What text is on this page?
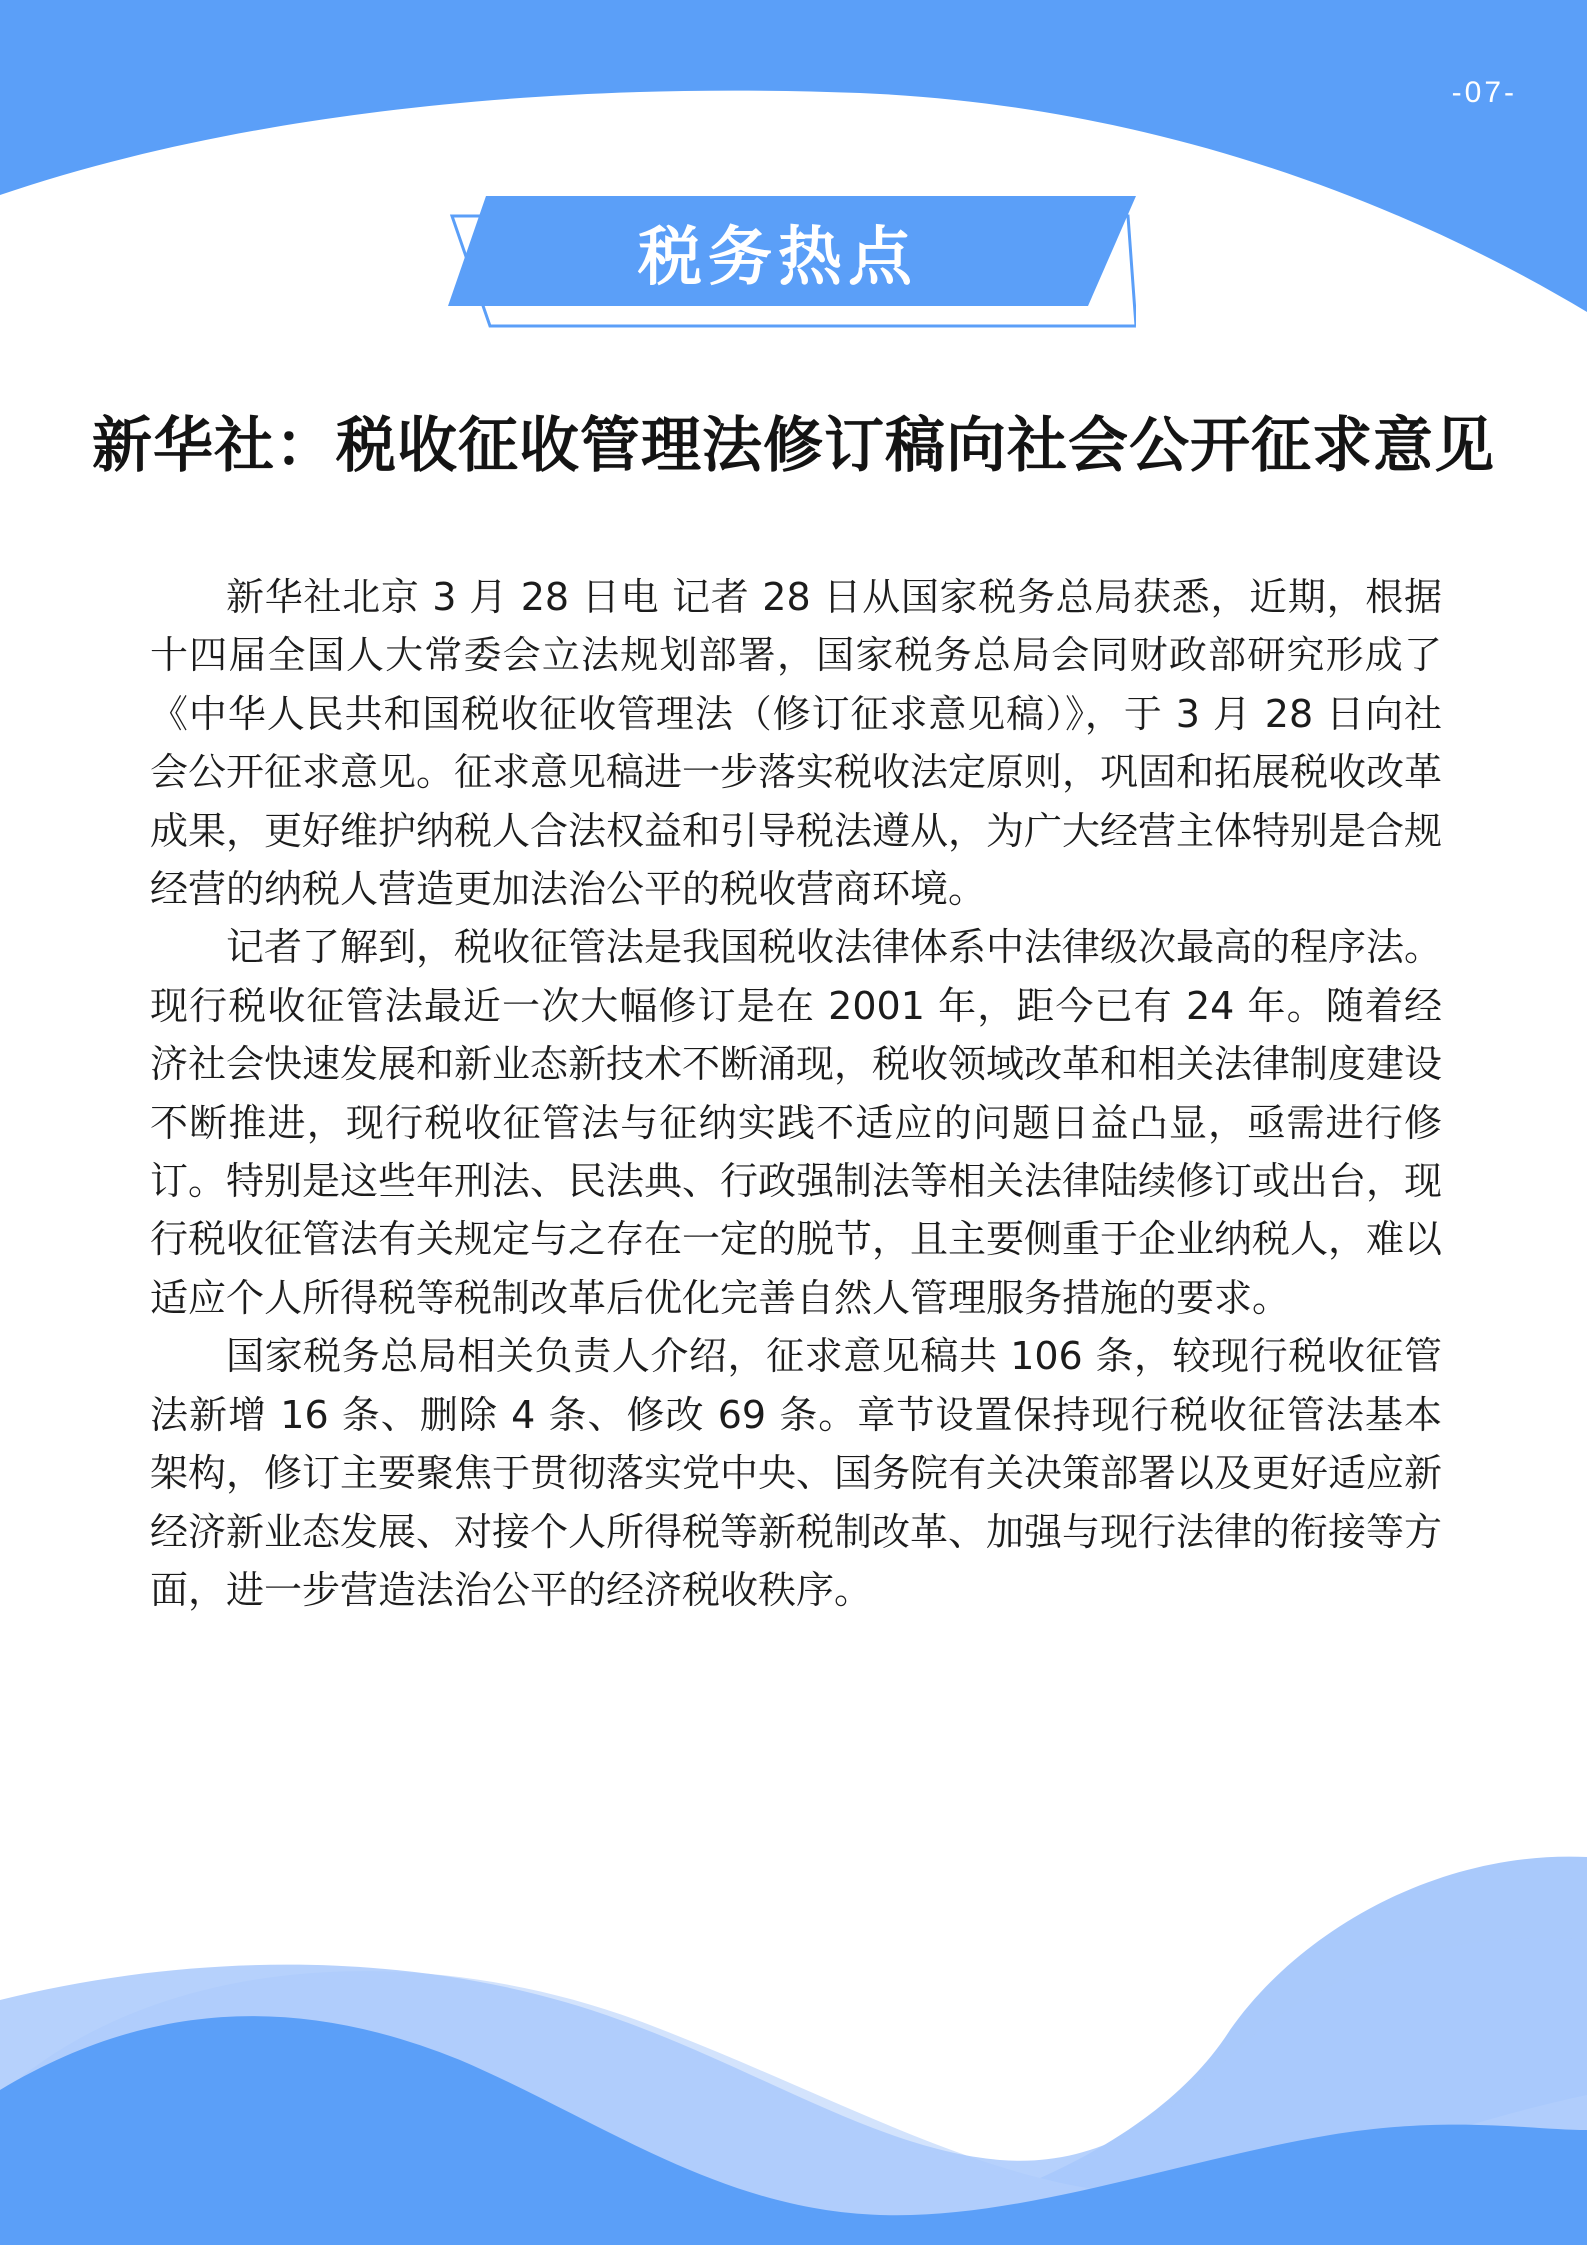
-07-
税务热点
新华社：税收征收管理法修订稿向社会公开征求意见

新华社北京 3 月 28 日电 记者 28 日从国家税务总局获悉，近期，根据十四届全国人大常委会立法规划部署，国家税务总局会同财政部研究形成了《中华人民共和国税收征收管理法（修订征求意见稿）》，于 3 月 28 日向社会公开征求意见。征求意见稿进一步落实税收法定原则，巩固和拓展税收改革成果，更好维护纳税人合法权益和引导税法遵从，为广大经营主体特别是合规经营的纳税人营造更加法治公平的税收营商环境。

记者了解到，税收征管法是我国税收法律体系中法律级次最高的程序法。现行税收征管法最近一次大幅修订是在 2001 年，距今已有 24 年。随着经济社会快速发展和新业态新技术不断涌现，税收领域改革和相关法律制度建设不断推进，现行税收征管法与征纳实践不适应的问题日益凸显，亟需进行修订。特别是这些年刑法、民法典、行政强制法等相关法律陆续修订或出台，现行税收征管法有关规定与之存在一定的脱节，且主要侧重于企业纳税人，难以适应个人所得税等税制改革后优化完善自然人管理服务措施的要求。

国家税务总局相关负责人介绍，征求意见稿共 106 条，较现行税收征管法新增 16 条、删除 4 条、修改 69 条。章节设置保持现行税收征管法基本架构，修订主要聚焦于贯彻落实党中央、国务院有关决策部署以及更好适应新经济新业态发展、对接个人所得税等新税制改革、加强与现行法律的衔接等方面，进一步营造法治公平的经济税收秩序。
